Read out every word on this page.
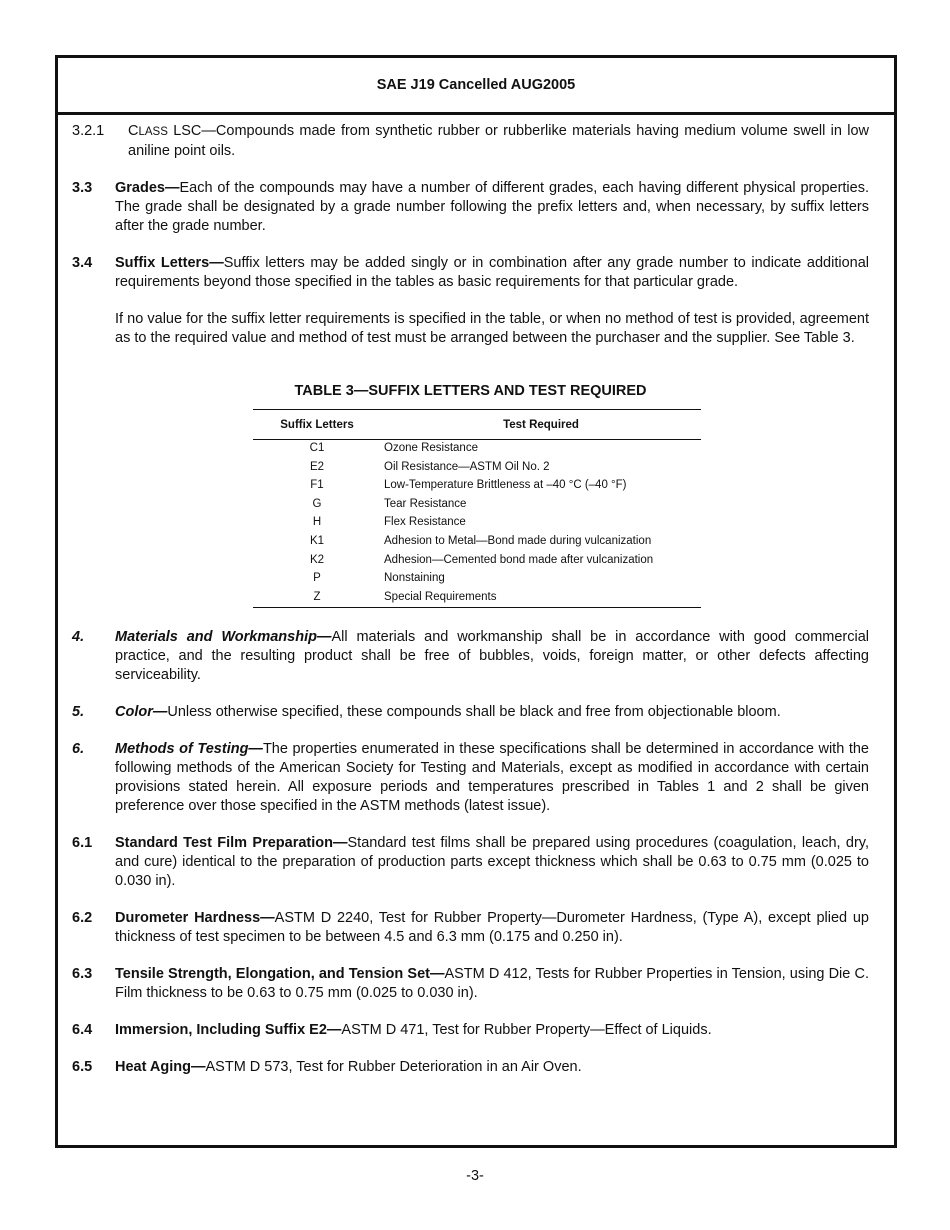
SAE J19 Cancelled AUG2005
3.2.1 CLASS LSC—Compounds made from synthetic rubber or rubberlike materials having medium volume swell in low aniline point oils.
3.3 Grades—Each of the compounds may have a number of different grades, each having different physical properties. The grade shall be designated by a grade number following the prefix letters and, when necessary, by suffix letters after the grade number.
3.4 Suffix Letters—Suffix letters may be added singly or in combination after any grade number to indicate additional requirements beyond those specified in the tables as basic requirements for that particular grade.
If no value for the suffix letter requirements is specified in the table, or when no method of test is provided, agreement as to the required value and method of test must be arranged between the purchaser and the supplier. See Table 3.
TABLE 3—SUFFIX LETTERS AND TEST REQUIRED
Suffix Letters	Test Required
C1	Ozone Resistance
E2	Oil Resistance—ASTM Oil No. 2
F1	Low-Temperature Brittleness at –40 °C (–40 °F)
G	Tear Resistance
H	Flex Resistance
K1	Adhesion to Metal—Bond made during vulcanization
K2	Adhesion—Cemented bond made after vulcanization
P	Nonstaining
Z	Special Requirements
4. Materials and Workmanship—All materials and workmanship shall be in accordance with good commercial practice, and the resulting product shall be free of bubbles, voids, foreign matter, or other defects affecting serviceability.
5. Color—Unless otherwise specified, these compounds shall be black and free from objectionable bloom.
6. Methods of Testing—The properties enumerated in these specifications shall be determined in accordance with the following methods of the American Society for Testing and Materials, except as modified in accordance with certain provisions stated herein. All exposure periods and temperatures prescribed in Tables 1 and 2 shall be given preference over those specified in the ASTM methods (latest issue).
6.1 Standard Test Film Preparation—Standard test films shall be prepared using procedures (coagulation, leach, dry, and cure) identical to the preparation of production parts except thickness which shall be 0.63 to 0.75 mm (0.025 to 0.030 in).
6.2 Durometer Hardness—ASTM D 2240, Test for Rubber Property—Durometer Hardness, (Type A), except plied up thickness of test specimen to be between 4.5 and 6.3 mm (0.175 and 0.250 in).
6.3 Tensile Strength, Elongation, and Tension Set—ASTM D 412, Tests for Rubber Properties in Tension, using Die C. Film thickness to be 0.63 to 0.75 mm (0.025 to 0.030 in).
6.4 Immersion, Including Suffix E2—ASTM D 471, Test for Rubber Property—Effect of Liquids.
6.5 Heat Aging—ASTM D 573, Test for Rubber Deterioration in an Air Oven.
-3-
